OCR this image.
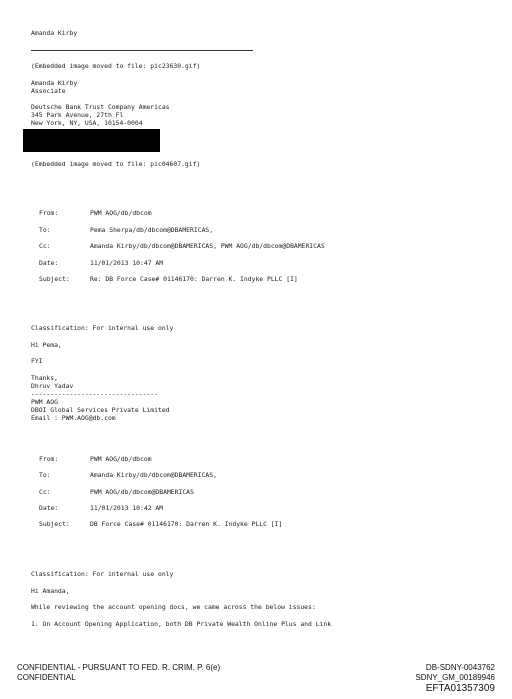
Amanda Kirby
(Embedded image moved to file: pic23630.gif)
Amanda Kirby
Associate
Deutsche Bank Trust Company Americas
345 Park Avenue, 27th Fl
New York, NY, USA, 10154-0004
(Embedded image moved to file: pic04607.gif)
From:	PWM AOG/db/dbcom
To:	Pema Sherpa/db/dbcom@DBAMERICAS,
Cc:	Amanda Kirby/db/dbcom@DBAMERICAS, PWM AOG/db/dbcom@DBAMERICAS
Date:	11/01/2013 10:47 AM
Subject:	Re: DB Force Case# 01146170: Darren K. Indyke PLLC [I]
Classification: For internal use only
Hi Pema,
FYI
Thanks,
Dhruv Yadav
---------------------------------
PWM AOG
DBOI Global Services Private Limited
Email : PWM.AOG@db.com
From:	PWM AOG/db/dbcom
To:	Amanda Kirby/db/dbcom@DBAMERICAS,
Cc:	PWM AOG/db/dbcom@DBAMERICAS
Date:	11/01/2013 10:42 AM
Subject:	DB Force Case# 01146170: Darren K. Indyke PLLC [I]
Classification: For internal use only
Hi Amanda,
While reviewing the account opening docs, we came across the below issues:
1. On Account Opening Application, both DB Private Wealth Online Plus and Link
CONFIDENTIAL - PURSUANT TO FED. R. CRIM. P. 6(e)
CONFIDENTIAL
DB-SDNY-0043762
SDNY_GM_00189946
EFTA01357309
